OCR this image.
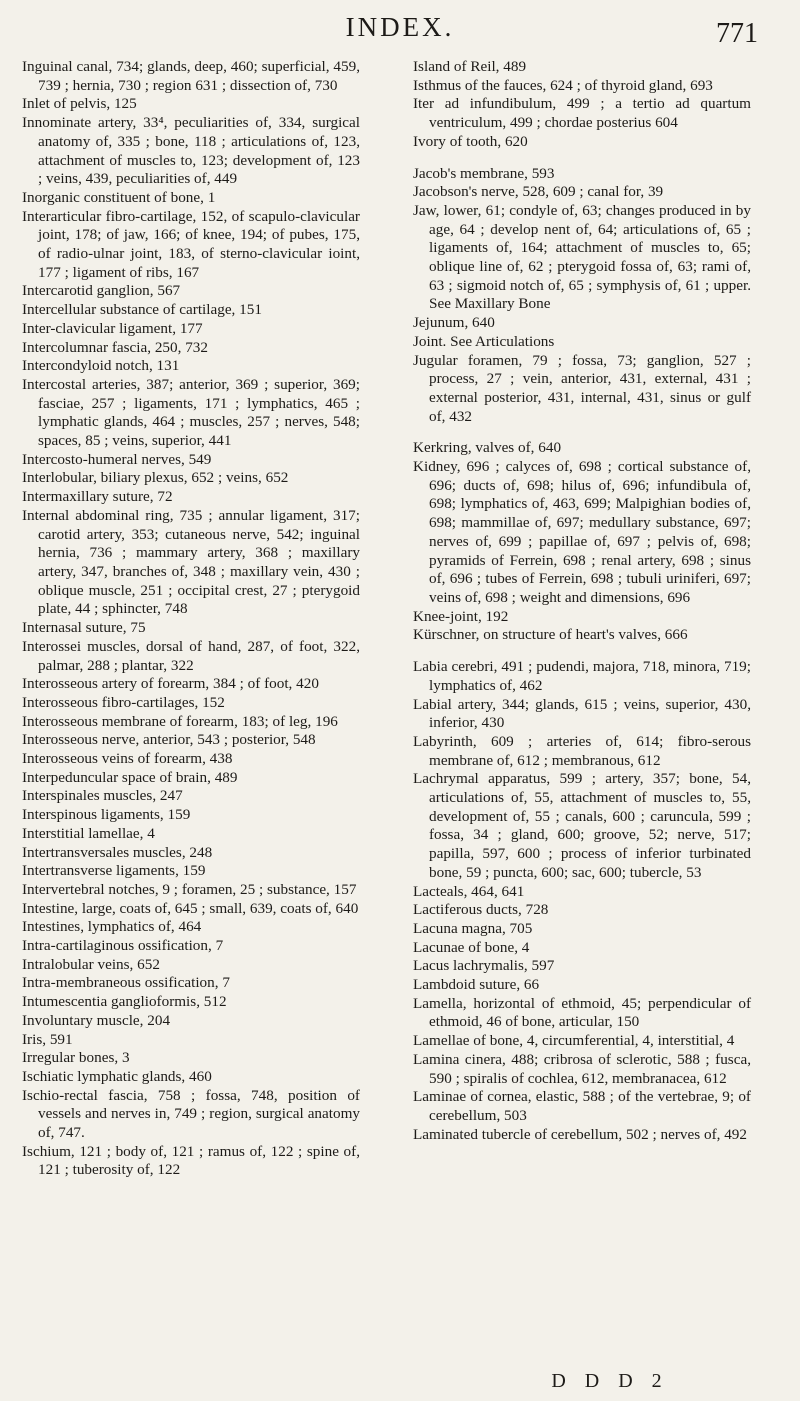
INDEX.	771
Inguinal canal, 734; glands, deep, 460; superficial, 459, 739 ; hernia, 730 ; region 631 ; dissection of, 730
Inlet of pelvis, 125
Innominate artery, 33⁴, peculiarities of, 334, surgical anatomy of, 335 ; bone, 118 ; articulations of, 123, attachment of muscles to, 123; development of, 123 ; veins, 439, peculiarities of, 449
Inorganic constituent of bone, 1
Interarticular fibro-cartilage, 152, of scapulo-clavicular joint, 178; of jaw, 166; of knee, 194; of pubes, 175, of radio-ulnar joint, 183, of sterno-clavicular ioint, 177 ; ligament of ribs, 167
Intercarotid ganglion, 567
Intercellular substance of cartilage, 151
Inter-clavicular ligament, 177
Intercolumnar fascia, 250, 732
Intercondyloid notch, 131
Intercostal arteries, 387; anterior, 369 ; superior, 369; fasciae, 257 ; ligaments, 171 ; lymphatics, 465 ; lymphatic glands, 464 ; muscles, 257 ; nerves, 548; spaces, 85 ; veins, superior, 441
Intercosto-humeral nerves, 549
Interlobular, biliary plexus, 652 ; veins, 652
Intermaxillary suture, 72
Internal abdominal ring, 735 ; annular ligament, 317; carotid artery, 353; cutaneous nerve, 542; inguinal hernia, 736 ; mammary artery, 368 ; maxillary artery, 347, branches of, 348 ; maxillary vein, 430 ; oblique muscle, 251 ; occipital crest, 27 ; pterygoid plate, 44 ; sphincter, 748
Internasal suture, 75
Interossei muscles, dorsal of hand, 287, of foot, 322, palmar, 288 ; plantar, 322
Interosseous artery of forearm, 384 ; of foot, 420
Interosseous fibro-cartilages, 152
Interosseous membrane of forearm, 183; of leg, 196
Interosseous nerve, anterior, 543 ; posterior, 548
Interosseous veins of forearm, 438
Interpeduncular space of brain, 489
Interspinales muscles, 247
Interspinous ligaments, 159
Interstitial lamellae, 4
Intertransversales muscles, 248
Intertransverse ligaments, 159
Intervertebral notches, 9 ; foramen, 25 ; substance, 157
Intestine, large, coats of, 645 ; small, 639, coats of, 640
Intestines, lymphatics of, 464
Intra-cartilaginous ossification, 7
Intralobular veins, 652
Intra-membraneous ossification, 7
Intumescentia ganglioformis, 512
Involuntary muscle, 204
Iris, 591
Irregular bones, 3
Ischiatic lymphatic glands, 460
Ischio-rectal fascia, 758 ; fossa, 748, position of vessels and nerves in, 749 ; region, surgical anatomy of, 747.
Ischium, 121 ; body of, 121 ; ramus of, 122 ; spine of, 121 ; tuberosity of, 122
Island of Reil, 489
Isthmus of the fauces, 624 ; of thyroid gland, 693
Iter ad infundibulum, 499 ; a tertio ad quartum ventriculum, 499 ; chordae posterius 604
Ivory of tooth, 620
Jacob's membrane, 593
Jacobson's nerve, 528, 609 ; canal for, 39
Jaw, lower, 61; condyle of, 63; changes produced in by age, 64 ; develop nent of, 64; articulations of, 65 ; ligaments of, 164; attachment of muscles to, 65; oblique line of, 62 ; pterygoid fossa of, 63; rami of, 63 ; sigmoid notch of, 65 ; symphysis of, 61 ; upper. See Maxillary Bone
Jejunum, 640
Joint. See Articulations
Jugular foramen, 79 ; fossa, 73; ganglion, 527 ; process, 27 ; vein, anterior, 431, external, 431 ; external posterior, 431, internal, 431, sinus or gulf of, 432
Kerkring, valves of, 640
Kidney, 696 ; calyces of, 698 ; cortical substance of, 696; ducts of, 698; hilus of, 696; infundibula of, 698; lymphatics of, 463, 699; Malpighian bodies of, 698; mammillae of, 697; medullary substance, 697; nerves of, 699 ; papillae of, 697 ; pelvis of, 698; pyramids of Ferrein, 698 ; renal artery, 698 ; sinus of, 696 ; tubes of Ferrein, 698 ; tubuli uriniferi, 697; veins of, 698 ; weight and dimensions, 696
Knee-joint, 192
Kürschner, on structure of heart's valves, 666
Labia cerebri, 491 ; pudendi, majora, 718, minora, 719; lymphatics of, 462
Labial artery, 344; glands, 615 ; veins, superior, 430, inferior, 430
Labyrinth, 609 ; arteries of, 614; fibro-serous membrane of, 612 ; membranous, 612
Lachrymal apparatus, 599 ; artery, 357; bone, 54, articulations of, 55, attachment of muscles to, 55, development of, 55 ; canals, 600 ; caruncula, 599 ; fossa, 34 ; gland, 600; groove, 52; nerve, 517; papilla, 597, 600 ; process of inferior turbinated bone, 59 ; puncta, 600; sac, 600; tubercle, 53
Lacteals, 464, 641
Lactiferous ducts, 728
Lacuna magna, 705
Lacunae of bone, 4
Lacus lachrymalis, 597
Lambdoid suture, 66
Lamella, horizontal of ethmoid, 45; perpendicular of ethmoid, 46 of bone, articular, 150
Lamellae of bone, 4, circumferential, 4, interstitial, 4
Lamina cinera, 488; cribrosa of sclerotic, 588 ; fusca, 590 ; spiralis of cochlea, 612, membranacea, 612
Laminae of cornea, elastic, 588 ; of the vertebrae, 9; of cerebellum, 503
Laminated tubercle of cerebellum, 502 ; nerves of, 492
D D D 2
